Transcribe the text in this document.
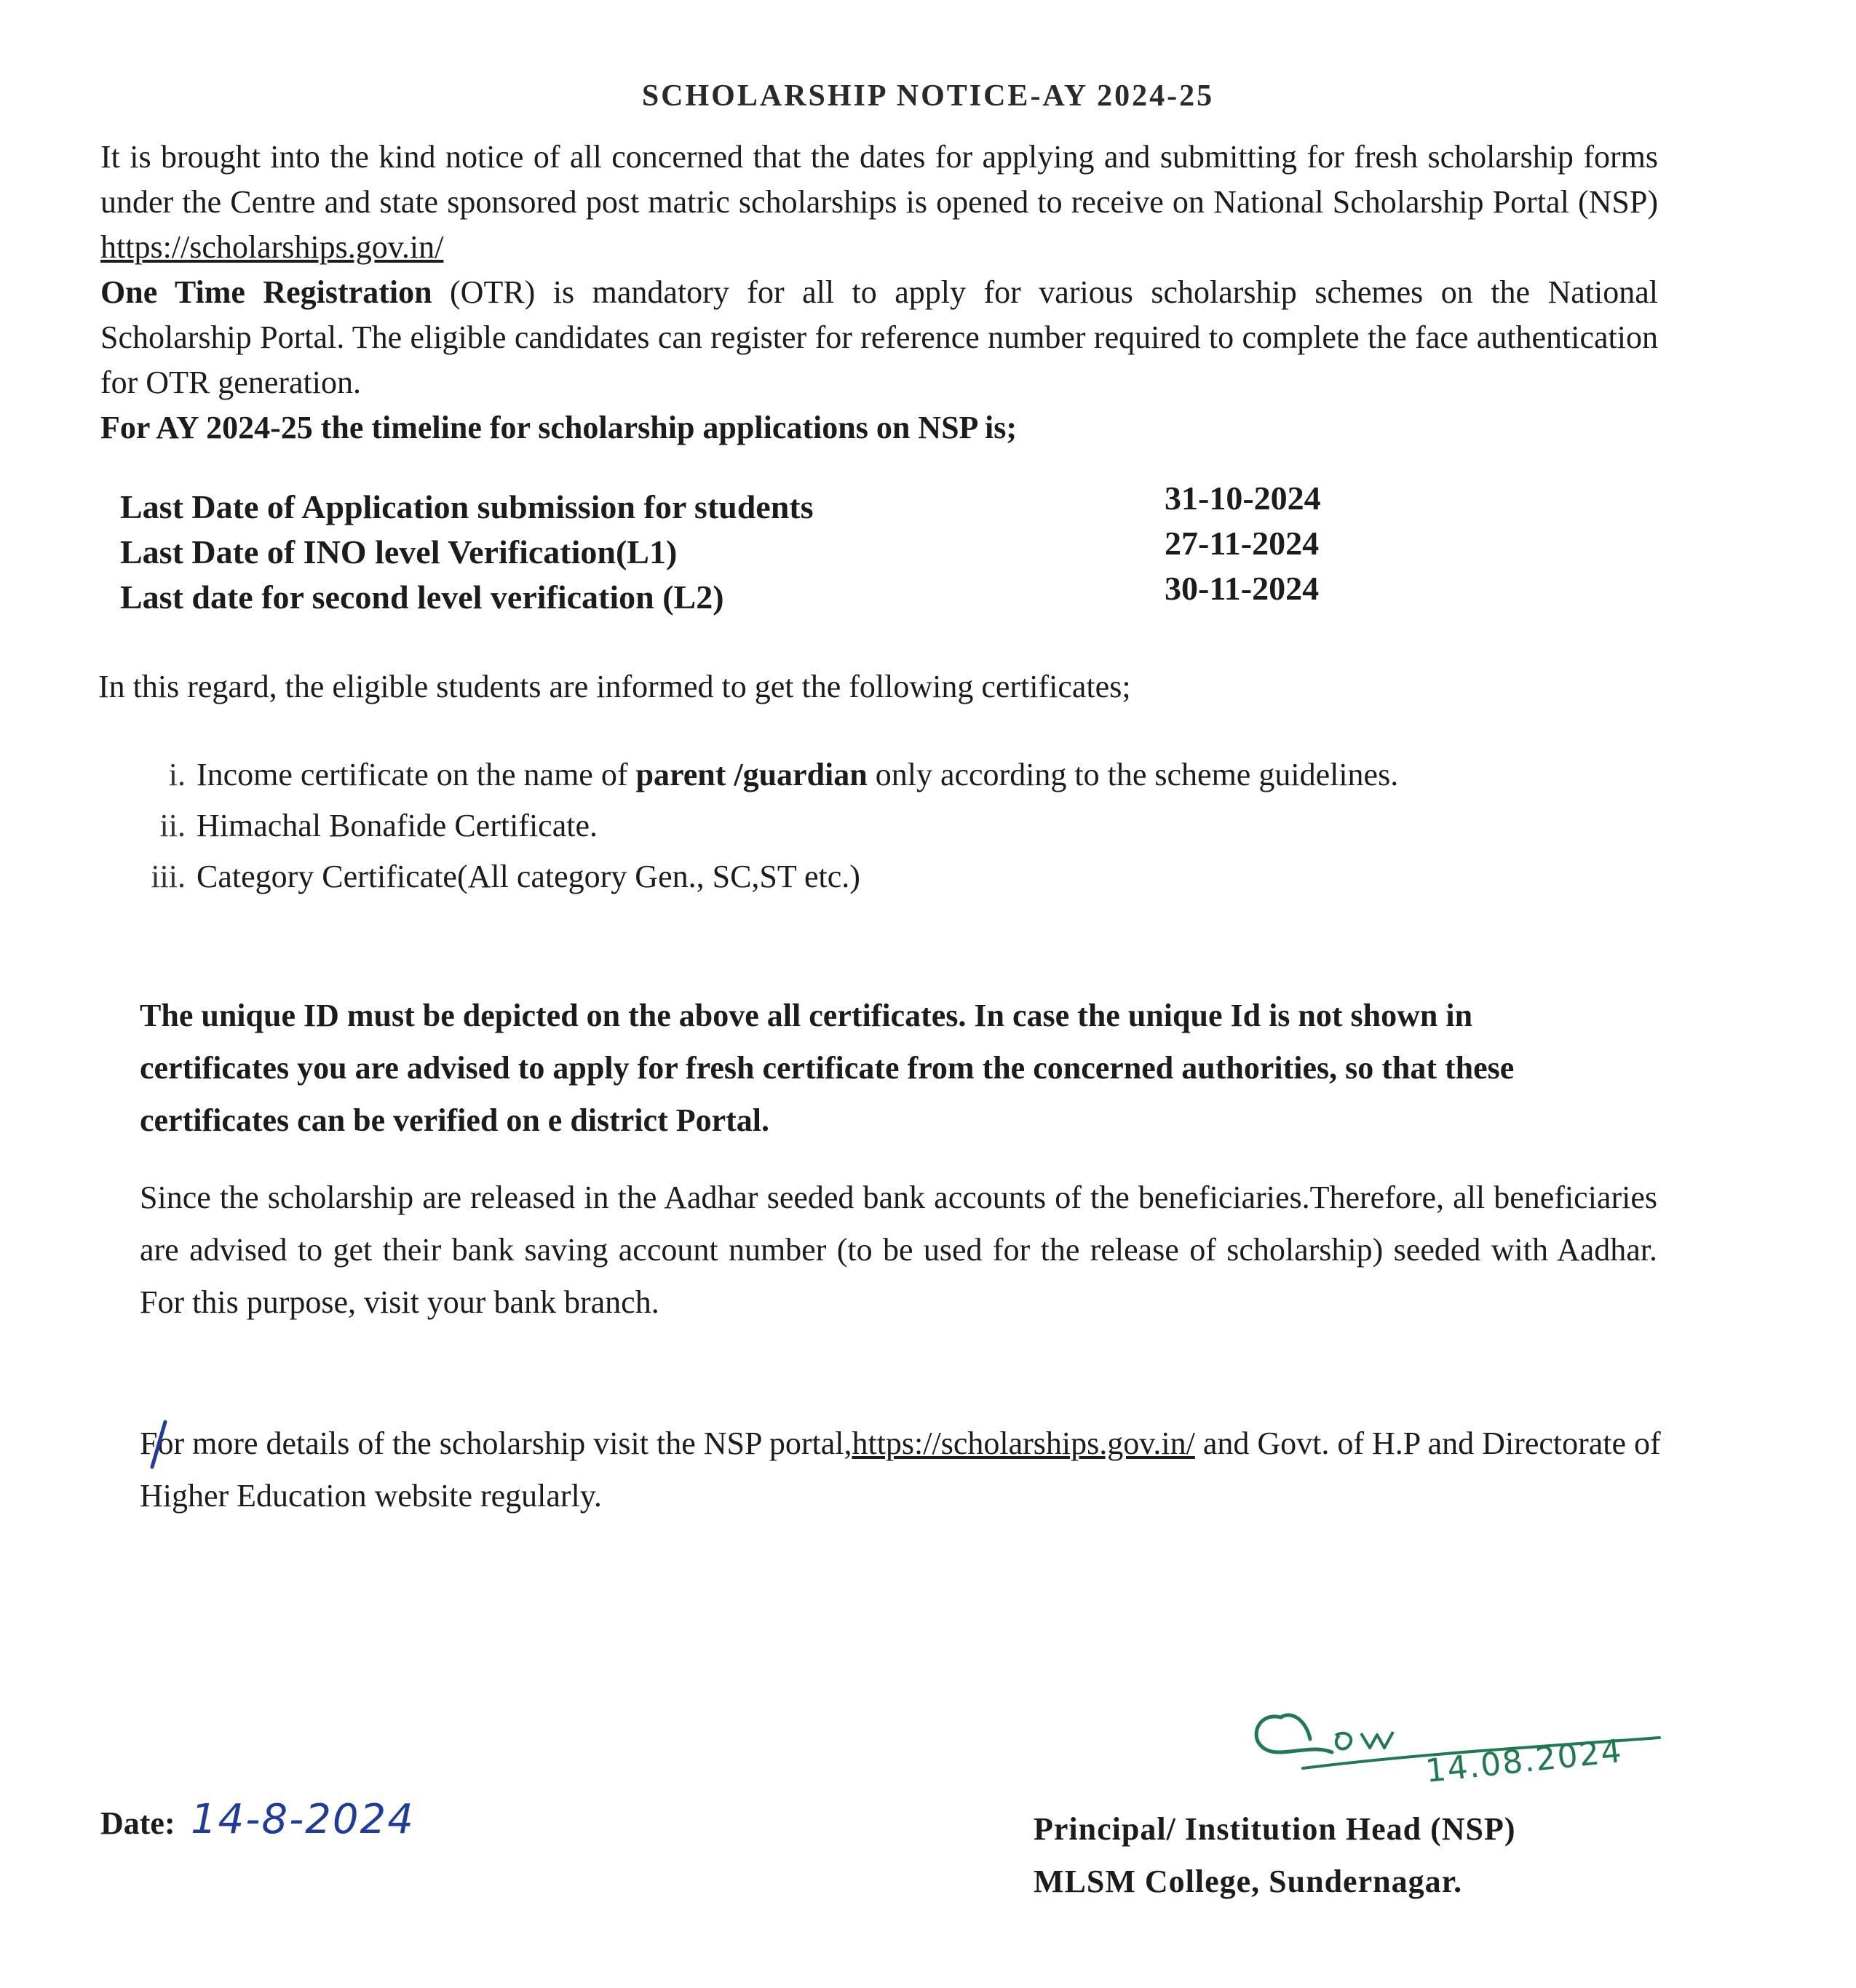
SCHOLARSHIP NOTICE-AY 2024-25

It is brought into the kind notice of all concerned that the dates for applying and submitting for fresh scholarship forms under the Centre and state sponsored post matric scholarships is opened to receive on National Scholarship Portal (NSP) https://scholarships.gov.in/

One Time Registration (OTR) is mandatory for all to apply for various scholarship schemes on the National Scholarship Portal. The eligible candidates can register for reference number required to complete the face authentication for OTR generation.

For AY 2024-25 the timeline for scholarship applications on NSP is;

Last Date of Application submission for students	31-10-2024
Last Date of INO level Verification(L1)	27-11-2024
Last date for second level verification (L2)	30-11-2024
In this regard, the eligible students are informed to get the following certificates;
i. Income certificate on the name of parent /guardian only according to the scheme guidelines.
ii. Himachal Bonafide Certificate.
iii. Category Certificate(All category Gen., SC,ST etc.)
The unique ID must be depicted on the above all certificates. In case the unique Id is not shown in certificates you are advised to apply for fresh certificate from the concerned authorities, so that these certificates can be verified on e district Portal.
Since the scholarship are released in the Aadhar seeded bank accounts of the beneficiaries.Therefore, all beneficiaries are advised to get their bank saving account number (to be used for the release of scholarship) seeded with Aadhar. For this purpose, visit your bank branch.
For more details of the scholarship visit the NSP portal,https://scholarships.gov.in/ and Govt. of H.P and Directorate of Higher Education website regularly.
Date: 14-8-2024
14.08.2024
Principal/ Institution Head (NSP)
MLSM College, Sundernagar.
